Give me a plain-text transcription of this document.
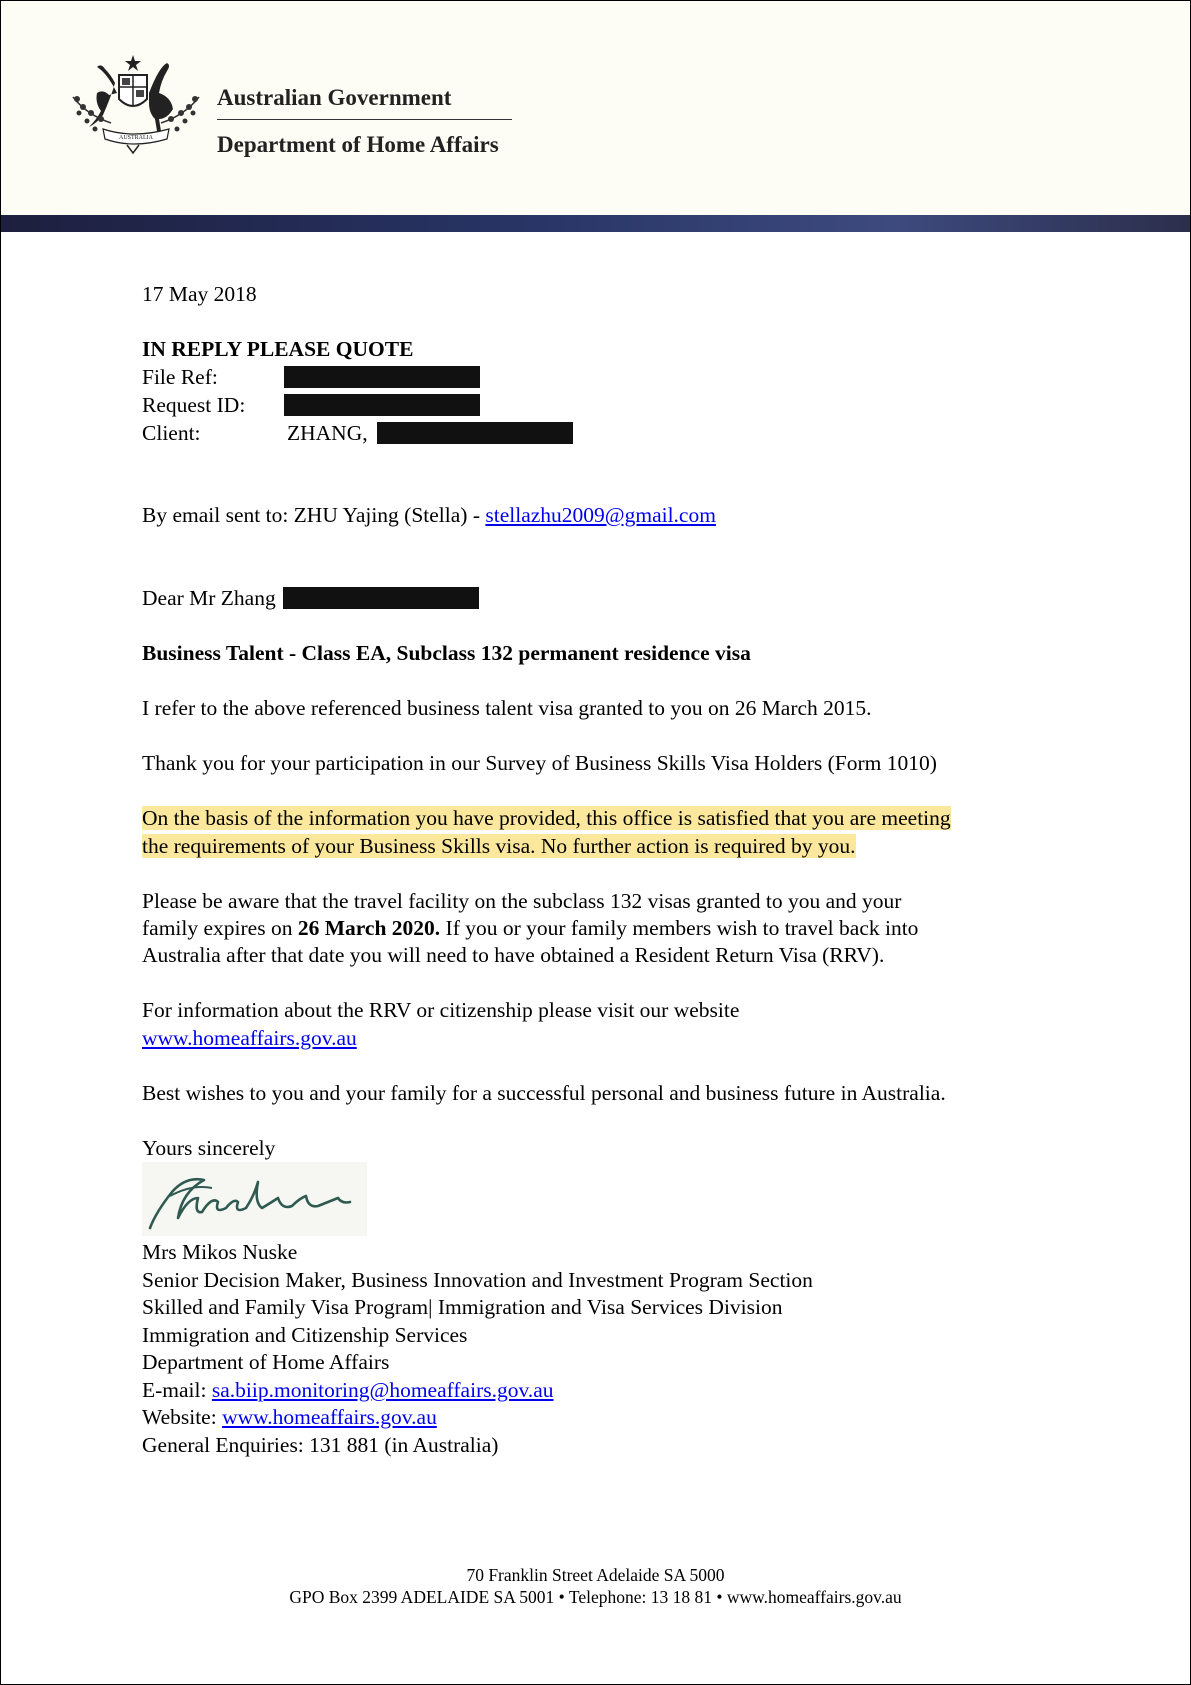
AUSTRALIA
Australian Government
Department of Home Affairs
17 May 2018
IN REPLY PLEASE QUOTE
File Ref:
Request ID:
Client:	ZHANG,
By email sent to: ZHU Yajing (Stella) - stellazhu2009@gmail.com
Dear Mr Zhang
Business Talent - Class EA, Subclass 132 permanent residence visa
I refer to the above referenced business talent visa granted to you on 26 March 2015.
Thank you for your participation in our Survey of Business Skills Visa Holders (Form 1010)
On the basis of the information you have provided, this office is satisfied that you are meeting
the requirements of your Business Skills visa. No further action is required by you.
Please be aware that the travel facility on the subclass 132 visas granted to you and your
family expires on 26 March 2020. If you or your family members wish to travel back into
Australia after that date you will need to have obtained a Resident Return Visa (RRV).
For information about the RRV or citizenship please visit our website
www.homeaffairs.gov.au
Best wishes to you and your family for a successful personal and business future in Australia.
Yours sincerely
Mrs Mikos Nuske
Senior Decision Maker, Business Innovation and Investment Program Section
Skilled and Family Visa Program| Immigration and Visa Services Division
Immigration and Citizenship Services
Department of Home Affairs
E-mail: sa.biip.monitoring@homeaffairs.gov.au
Website: www.homeaffairs.gov.au
General Enquiries: 131 881 (in Australia)
70 Franklin Street Adelaide SA 5000
GPO Box 2399 ADELAIDE SA 5001 • Telephone: 13 18 81 • www.homeaffairs.gov.au
